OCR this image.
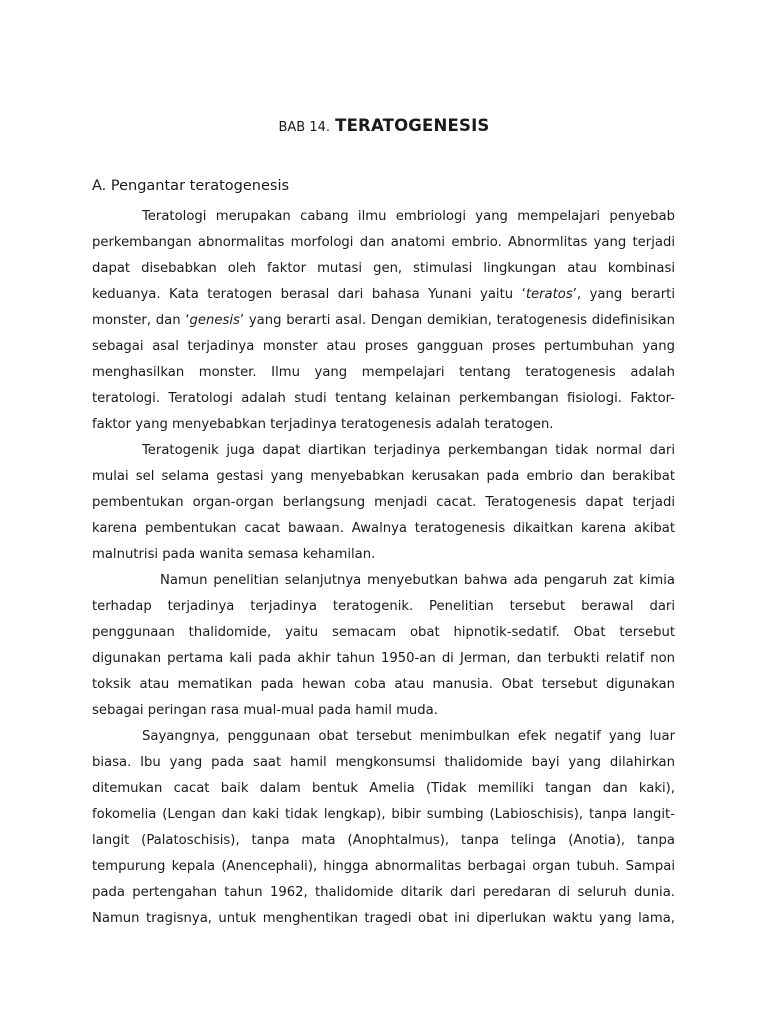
BAB 14. TERATOGENESIS
A. Pengantar teratogenesis
Teratologi merupakan cabang ilmu embriologi yang mempelajari penyebab
perkembangan abnormalitas morfologi dan anatomi embrio. Abnormlitas yang terjadi
dapat disebabkan oleh faktor mutasi gen, stimulasi lingkungan atau kombinasi
keduanya. Kata teratogen berasal dari bahasa Yunani yaitu ‘teratos’, yang berarti
monster, dan ‘genesis’ yang berarti asal. Dengan demikian, teratogenesis didefinisikan
sebagai asal terjadinya monster atau proses gangguan proses pertumbuhan yang
menghasilkan monster. Ilmu yang mempelajari tentang teratogenesis adalah
teratologi. Teratologi adalah studi tentang kelainan perkembangan fisiologi. Faktor-
faktor yang menyebabkan terjadinya teratogenesis adalah teratogen.
Teratogenik juga dapat diartikan terjadinya perkembangan tidak normal dari
mulai sel selama gestasi yang menyebabkan kerusakan pada embrio dan berakibat
pembentukan organ-organ berlangsung menjadi cacat. Teratogenesis dapat terjadi
karena pembentukan cacat bawaan. Awalnya teratogenesis dikaitkan karena akibat
malnutrisi pada wanita semasa kehamilan.
Namun penelitian selanjutnya menyebutkan bahwa ada pengaruh zat kimia
terhadap terjadinya terjadinya teratogenik. Penelitian tersebut berawal dari
penggunaan thalidomide, yaitu semacam obat hipnotik-sedatif. Obat tersebut
digunakan pertama kali pada akhir tahun 1950-an di Jerman, dan terbukti relatif non
toksik atau mematikan pada hewan coba atau manusia. Obat tersebut digunakan
sebagai peringan rasa mual-mual pada hamil muda.
Sayangnya, penggunaan obat tersebut menimbulkan efek negatif yang luar
biasa. Ibu yang pada saat hamil mengkonsumsi thalidomide bayi yang dilahirkan
ditemukan cacat baik dalam bentuk Amelia (Tidak memiliki tangan dan kaki),
fokomelia (Lengan dan kaki tidak lengkap), bibir sumbing (Labioschisis), tanpa langit-
langit (Palatoschisis), tanpa mata (Anophtalmus), tanpa telinga (Anotia), tanpa
tempurung kepala (Anencephali), hingga abnormalitas berbagai organ tubuh. Sampai
pada pertengahan tahun 1962, thalidomide ditarik dari peredaran di seluruh dunia.
Namun tragisnya, untuk menghentikan tragedi obat ini diperlukan waktu yang lama,
